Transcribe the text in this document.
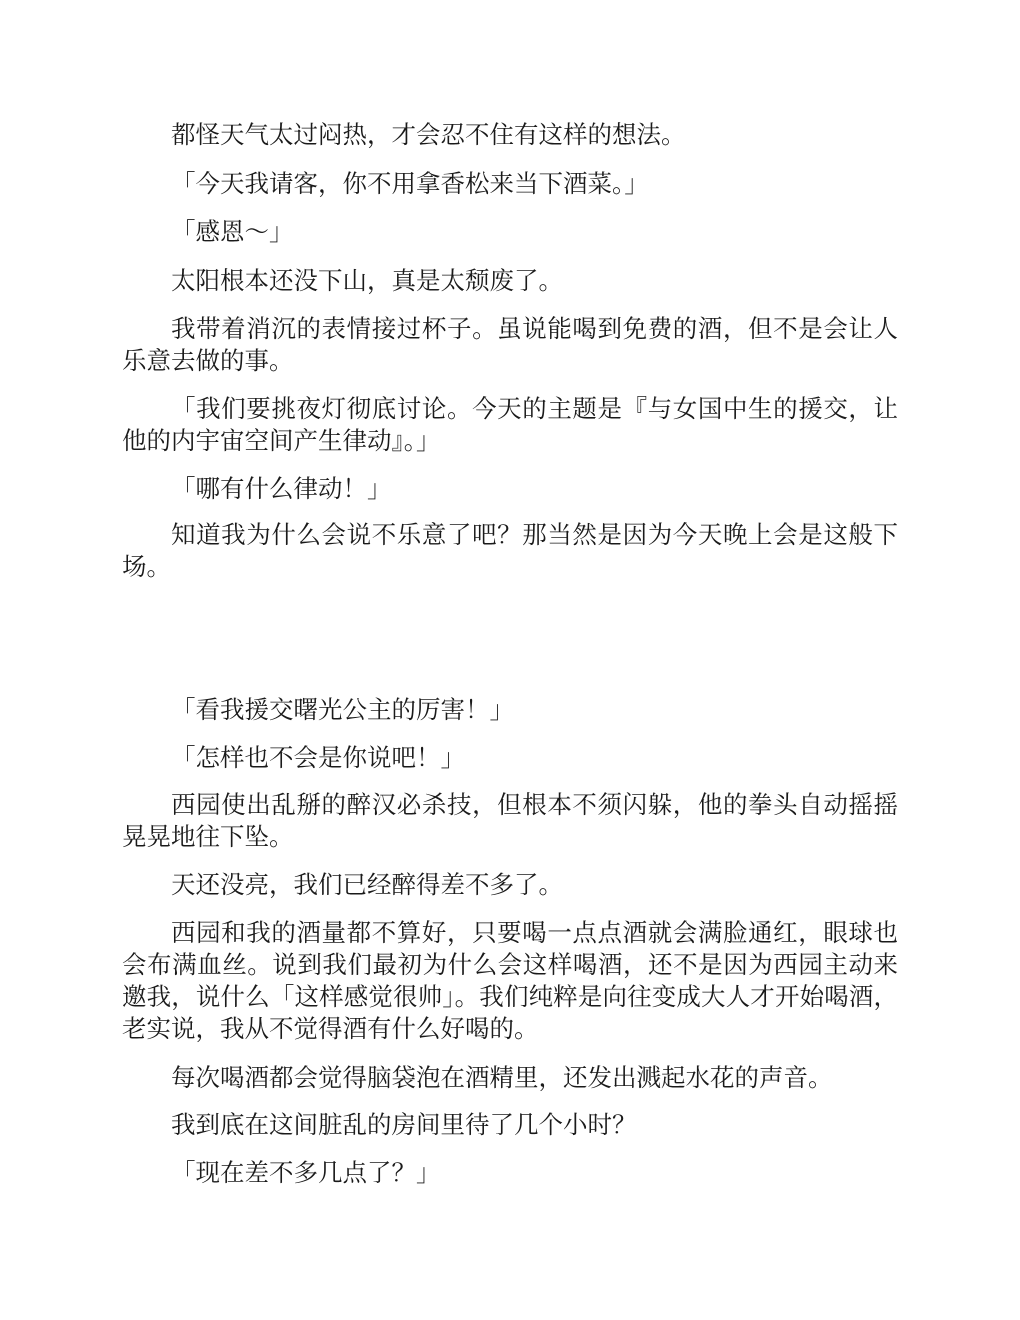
都怪天气太过闷热，才会忍不住有这样的想法。

「今天我请客，你不用拿香松来当下酒菜。」

「感恩～」

太阳根本还没下山，真是太颓废了。

我带着消沉的表情接过杯子。虽说能喝到免费的酒，但不是会让人乐意去做的事。

「我们要挑夜灯彻底讨论。今天的主题是『与女国中生的援交，让他的内宇宙空间产生律动』。」

「哪有什么律动！」

知道我为什么会说不乐意了吧？那当然是因为今天晚上会是这般下场。

「看我援交曙光公主的厉害！」

「怎样也不会是你说吧！」

西园使出乱掰的醉汉必杀技，但根本不须闪躲，他的拳头自动摇摇晃晃地往下坠。

天还没亮，我们已经醉得差不多了。

西园和我的酒量都不算好，只要喝一点点酒就会满脸通红，眼球也会布满血丝。说到我们最初为什么会这样喝酒，还不是因为西园主动来邀我，说什么「这样感觉很帅」。我们纯粹是向往变成大人才开始喝酒，老实说，我从不觉得酒有什么好喝的。

每次喝酒都会觉得脑袋泡在酒精里，还发出溅起水花的声音。

我到底在这间脏乱的房间里待了几个小时？

「现在差不多几点了？」
